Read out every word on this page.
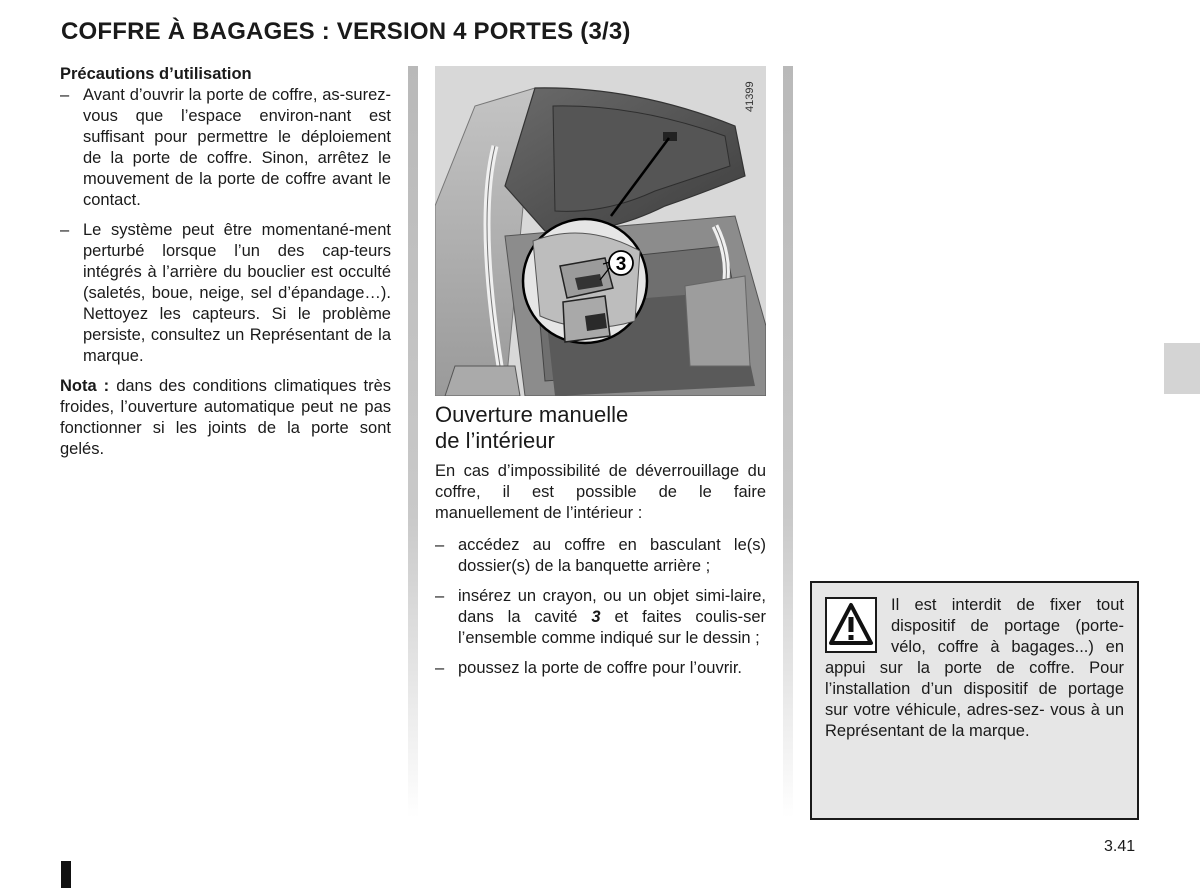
COFFRE À BAGAGES : VERSION 4 PORTES (3/3)

Précautions d’utilisation

– Avant d’ouvrir la porte de coffre, as-surez-vous que l’espace environ-nant est suffisant pour permettre le déploiement de la porte de coffre. Sinon, arrêtez le mouvement de la porte de coffre avant le contact.
– Le système peut être momentané-ment perturbé lorsque l’un des cap-teurs intégrés à l’arrière du bouclier est occulté (saletés, boue, neige, sel d’épandage…). Nettoyez les capteurs. Si le problème persiste, consultez un Représentant de la marque.

Nota : dans des conditions climatiques très froides, l’ouverture automatique peut ne pas fonctionner si les joints de la porte sont gelés.

3
41399
Ouverture manuelle
de l’intérieur

En cas d’impossibilité de déverrouillage du coffre, il est possible de le faire manuellement de l’intérieur :

– accédez au coffre en basculant le(s) dossier(s) de la banquette arrière ;
– insérez un crayon, ou un objet simi-laire, dans la cavité 3 et faites coulis-ser l’ensemble comme indiqué sur le dessin ;
– poussez la porte de coffre pour l’ouvrir.
Il est interdit de fixer tout dispositif de portage (porte-vélo, coffre à bagages...) en appui sur la porte de coffre. Pour l’installation d’un dispositif de portage sur votre véhicule, adres-sez- vous à un Représentant de la marque.
3.41
